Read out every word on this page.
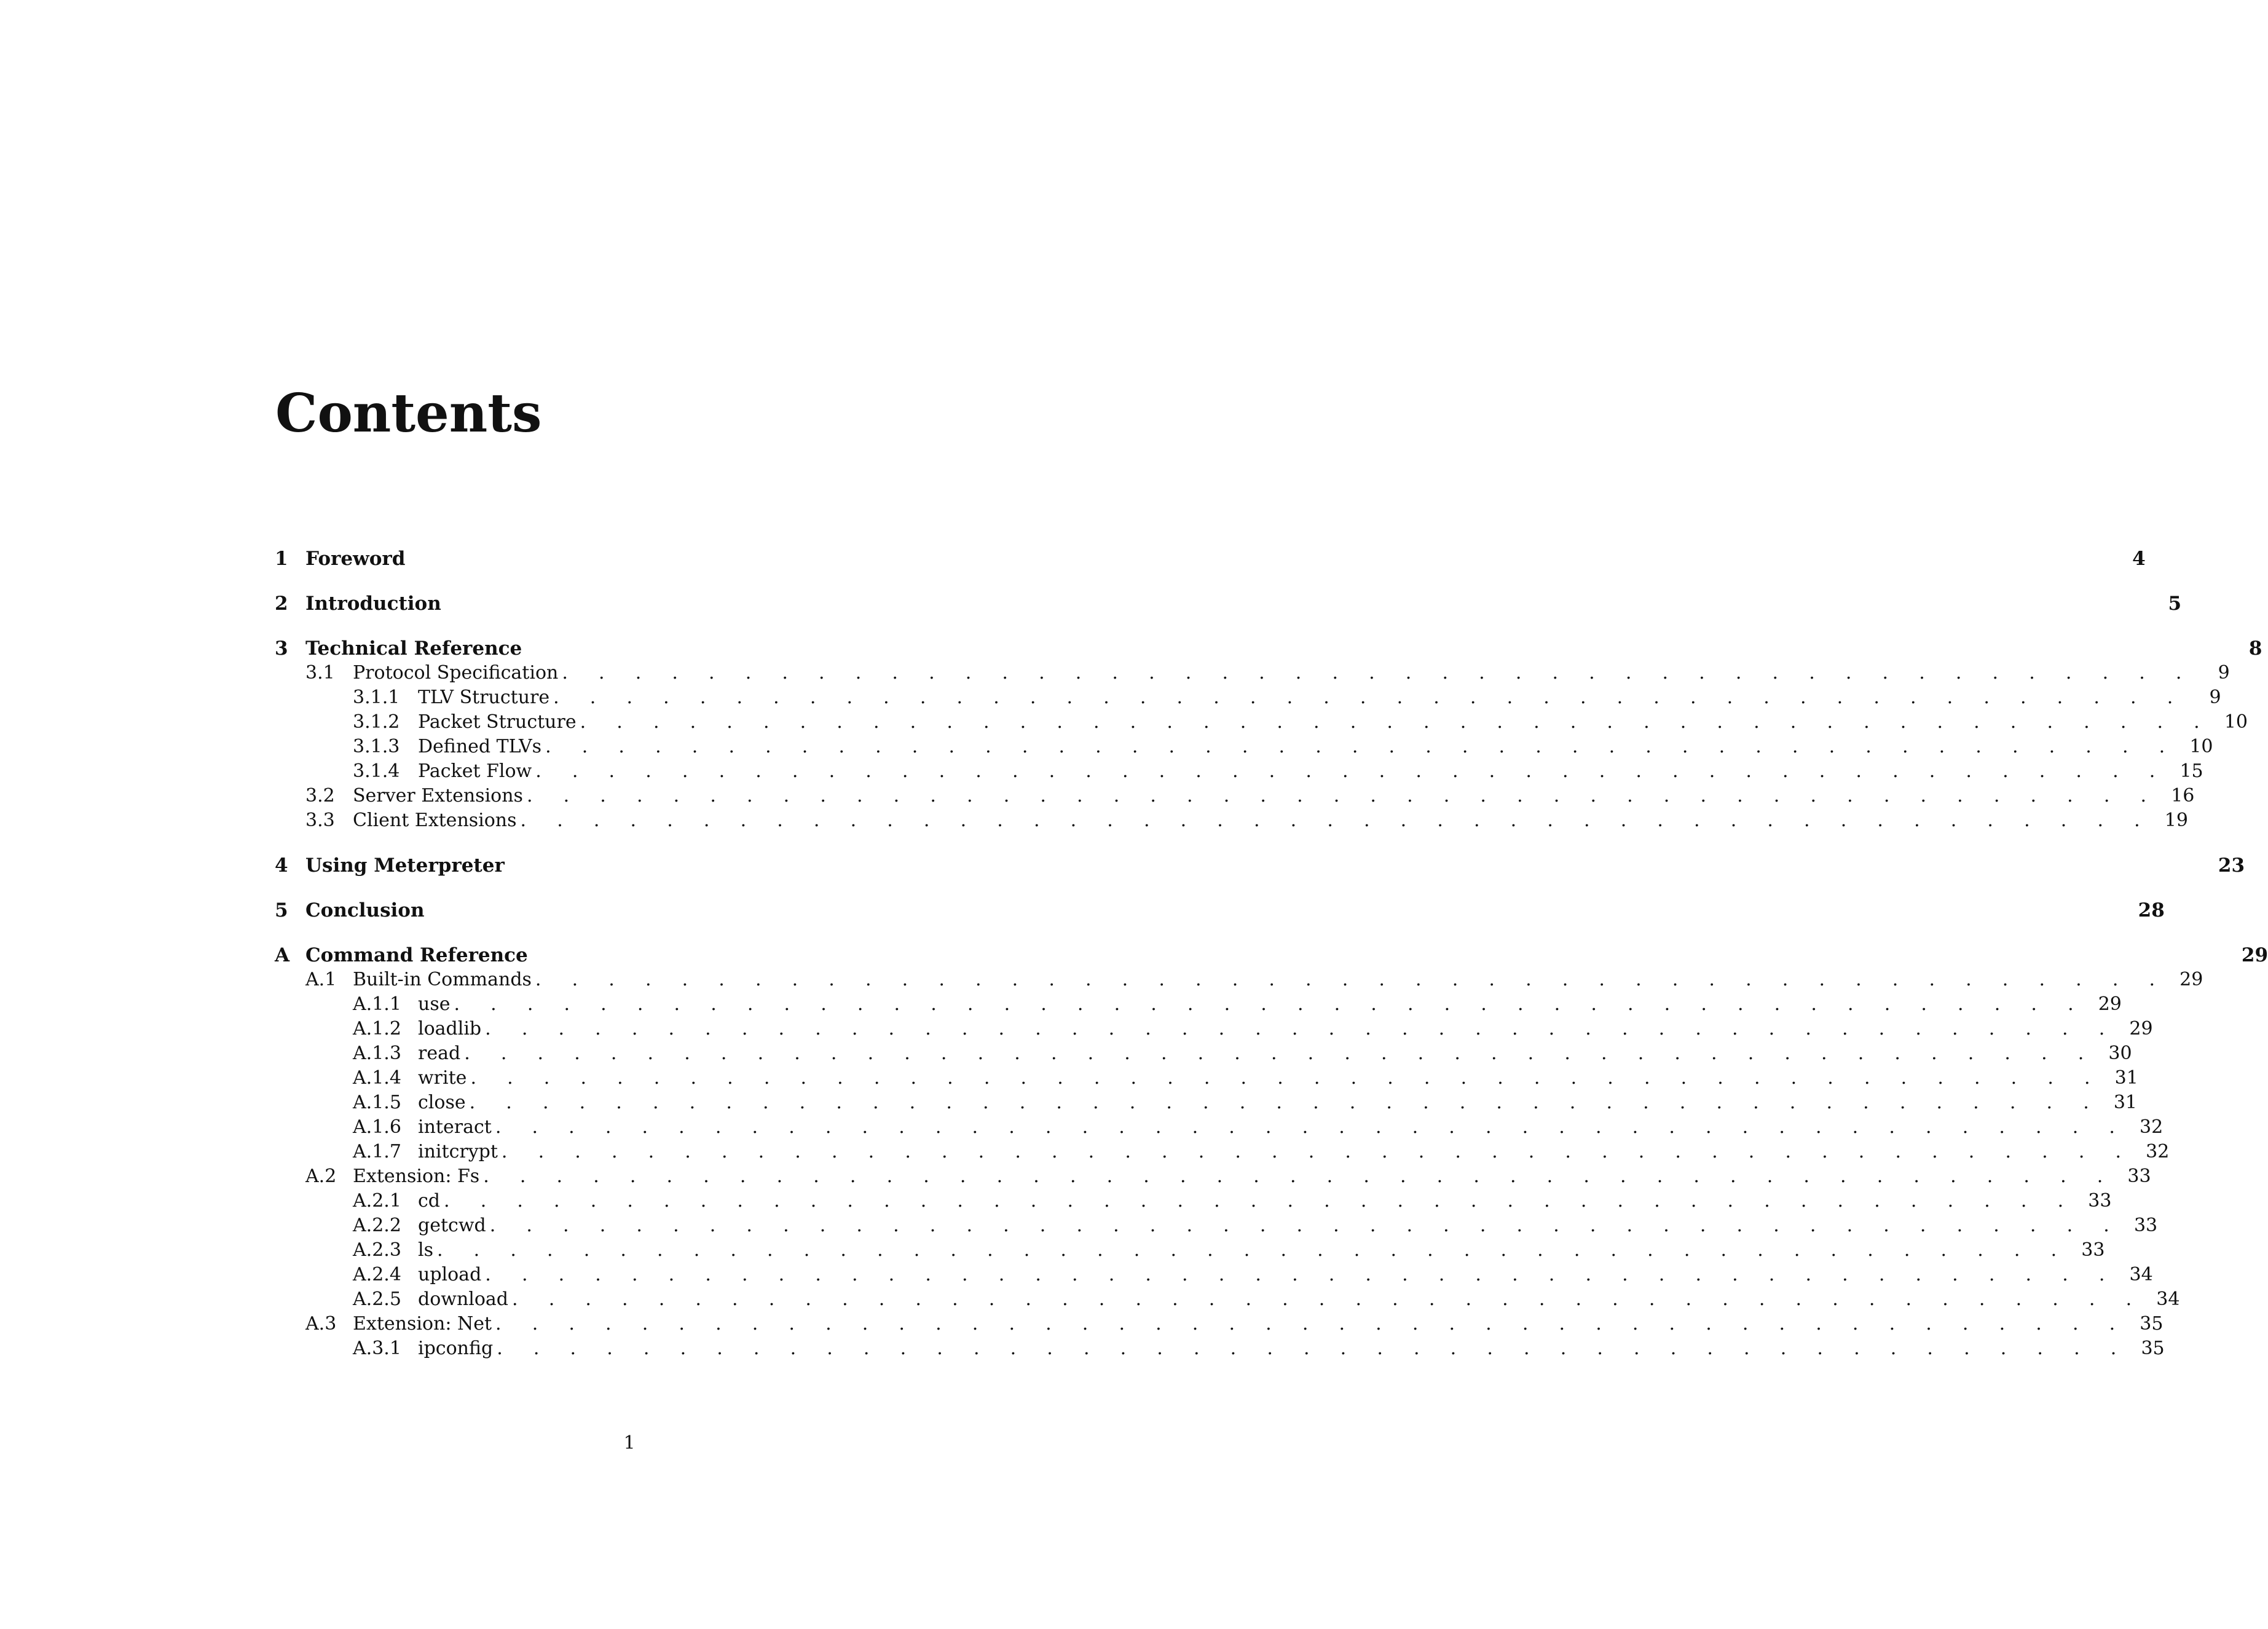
Contents
1 Foreword	4
2 Introduction	5
3 Technical Reference	8
3.1 Protocol Specification . . . . . . . . . . . . . . . . . . . . . . . . . . . . . . . . . . . . . . . . . . . . .	9
3.1.1 TLV Structure . . . . . . . . . . . . . . . . . . . . . . . . . . . . . . . . . . . . . . . . . . . . .	9
3.1.2 Packet Structure . . . . . . . . . . . . . . . . . . . . . . . . . . . . . . . . . . . . . . . . . . . . . 10
3.1.3 Defined TLVs . . . . . . . . . . . . . . . . . . . . . . . . . . . . . . . . . . . . . . . . . . . . . 10
3.1.4 Packet Flow . . . . . . . . . . . . . . . . . . . . . . . . . . . . . . . . . . . . . . . . . . . . . 15
3.2 Server Extensions . . . . . . . . . . . . . . . . . . . . . . . . . . . . . . . . . . . . . . . . . . . . . 16
3.3 Client Extensions . . . . . . . . . . . . . . . . . . . . . . . . . . . . . . . . . . . . . . . . . . . . . 19
4 Using Meterpreter	23
5 Conclusion	28
A Command Reference	29
A.1 Built-in Commands . . . . . . . . . . . . . . . . . . . . . . . . . . . . . . . . . . . . . . . . . . . . . 29
A.1.1 use . . . . . . . . . . . . . . . . . . . . . . . . . . . . . . . . . . . . . . . . . . . . . 29
A.1.2 loadlib . . . . . . . . . . . . . . . . . . . . . . . . . . . . . . . . . . . . . . . . . . . . . 29
A.1.3 read . . . . . . . . . . . . . . . . . . . . . . . . . . . . . . . . . . . . . . . . . . . . . 30
A.1.4 write . . . . . . . . . . . . . . . . . . . . . . . . . . . . . . . . . . . . . . . . . . . . . 31
A.1.5 close . . . . . . . . . . . . . . . . . . . . . . . . . . . . . . . . . . . . . . . . . . . . . 31
A.1.6 interact . . . . . . . . . . . . . . . . . . . . . . . . . . . . . . . . . . . . . . . . . . . . . 32
A.1.7 initcrypt . . . . . . . . . . . . . . . . . . . . . . . . . . . . . . . . . . . . . . . . . . . . . 32
A.2 Extension: Fs . . . . . . . . . . . . . . . . . . . . . . . . . . . . . . . . . . . . . . . . . . . . . 33
A.2.1 cd . . . . . . . . . . . . . . . . . . . . . . . . . . . . . . . . . . . . . . . . . . . . . 33
A.2.2 getcwd . . . . . . . . . . . . . . . . . . . . . . . . . . . . . . . . . . . . . . . . . . . . . 33
A.2.3 ls . . . . . . . . . . . . . . . . . . . . . . . . . . . . . . . . . . . . . . . . . . . . . 33
A.2.4 upload . . . . . . . . . . . . . . . . . . . . . . . . . . . . . . . . . . . . . . . . . . . . . 34
A.2.5 download . . . . . . . . . . . . . . . . . . . . . . . . . . . . . . . . . . . . . . . . . . . . . 34
A.3 Extension: Net . . . . . . . . . . . . . . . . . . . . . . . . . . . . . . . . . . . . . . . . . . . . . 35
A.3.1 ipconfig . . . . . . . . . . . . . . . . . . . . . . . . . . . . . . . . . . . . . . . . . . . . . 35
1
